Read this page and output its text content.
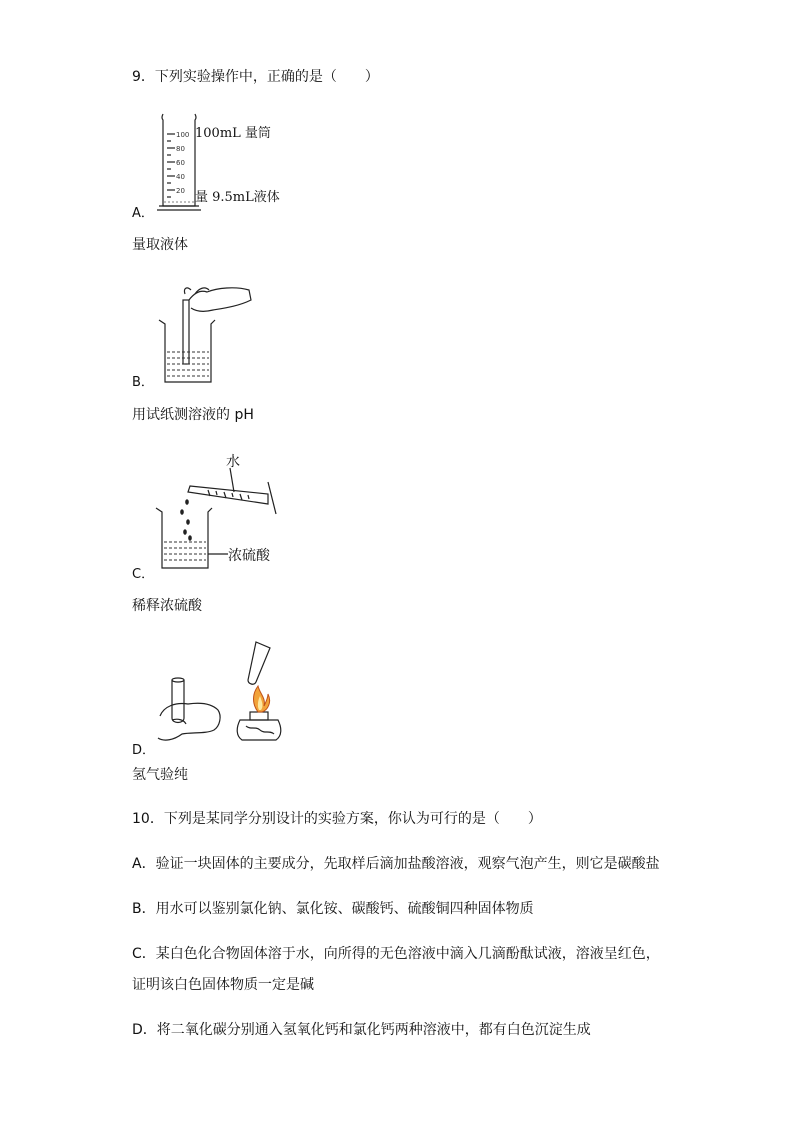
9．下列实验操作中，正确的是（　　）
100
80
60
40
20
100mL 量筒
量 9.5mL液体
A．
量取液体
B．
用试纸测溶液的 pH
水
浓硫酸
C．
稀释浓硫酸
D．
氢气验纯
10．下列是某同学分别设计的实验方案，你认为可行的是（　　）
A．验证一块固体的主要成分，先取样后滴加盐酸溶液，观察气泡产生，则它是碳酸盐
B．用水可以鉴别氯化钠、氯化铵、碳酸钙、硫酸铜四种固体物质
C．某白色化合物固体溶于水，向所得的无色溶液中滴入几滴酚酞试液，溶液呈红色，
证明该白色固体物质一定是碱
D．将二氧化碳分别通入氢氧化钙和氯化钙两种溶液中，都有白色沉淀生成
